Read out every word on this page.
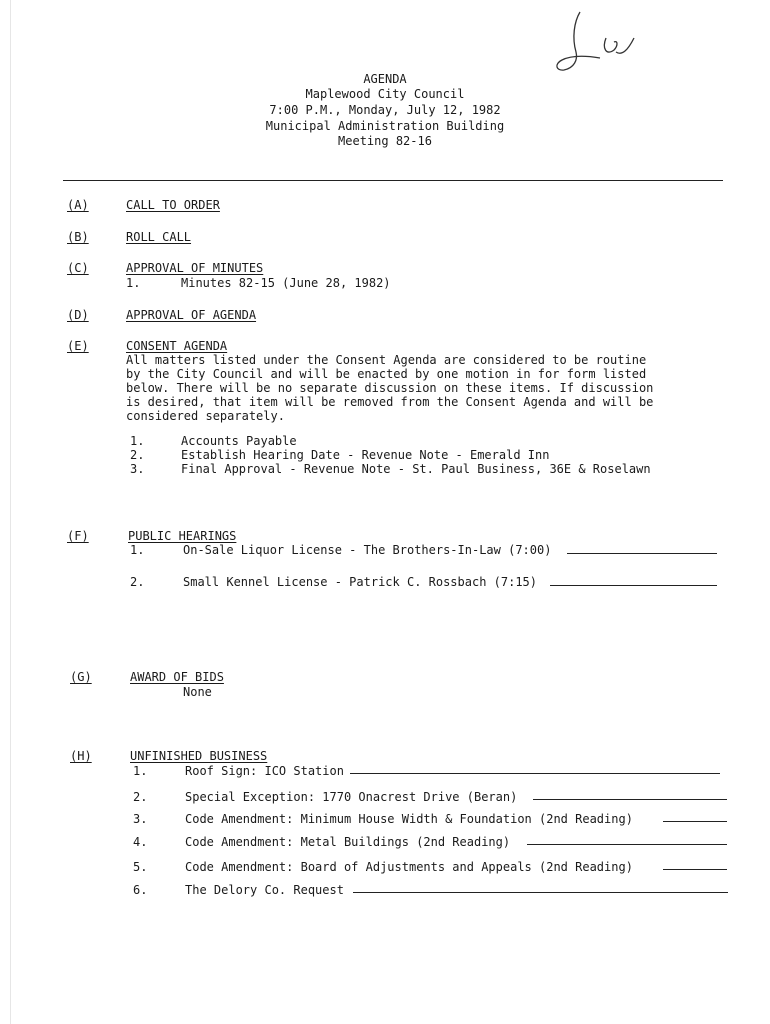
AGENDA
Maplewood City Council
7:00 P.M., Monday, July 12, 1982
Municipal Administration Building
Meeting 82-16
(A)	CALL TO ORDER
(B)	ROLL CALL
(C)	APPROVAL OF MINUTES
1.	Minutes 82-15 (June 28, 1982)
(D)	APPROVAL OF AGENDA
(E)	CONSENT AGENDA
All matters listed under the Consent Agenda are considered to be routine
by the City Council and will be enacted by one motion in for form listed
below. There will be no separate discussion on these items. If discussion
is desired, that item will be removed from the Consent Agenda and will be
considered separately.
1.	Accounts Payable
2.	Establish Hearing Date - Revenue Note - Emerald Inn
3.	Final Approval - Revenue Note - St. Paul Business, 36E & Roselawn
(F)	PUBLIC HEARINGS
1.	On-Sale Liquor License - The Brothers-In-Law (7:00)
2.	Small Kennel License - Patrick C. Rossbach (7:15)
(G)	AWARD OF BIDS
None
(H)	UNFINISHED BUSINESS
1.	Roof Sign: ICO Station
2.	Special Exception: 1770 Onacrest Drive (Beran)
3.	Code Amendment: Minimum House Width & Foundation (2nd Reading)
4.	Code Amendment: Metal Buildings (2nd Reading)
5.	Code Amendment: Board of Adjustments and Appeals (2nd Reading)
6.	The Delory Co. Request
